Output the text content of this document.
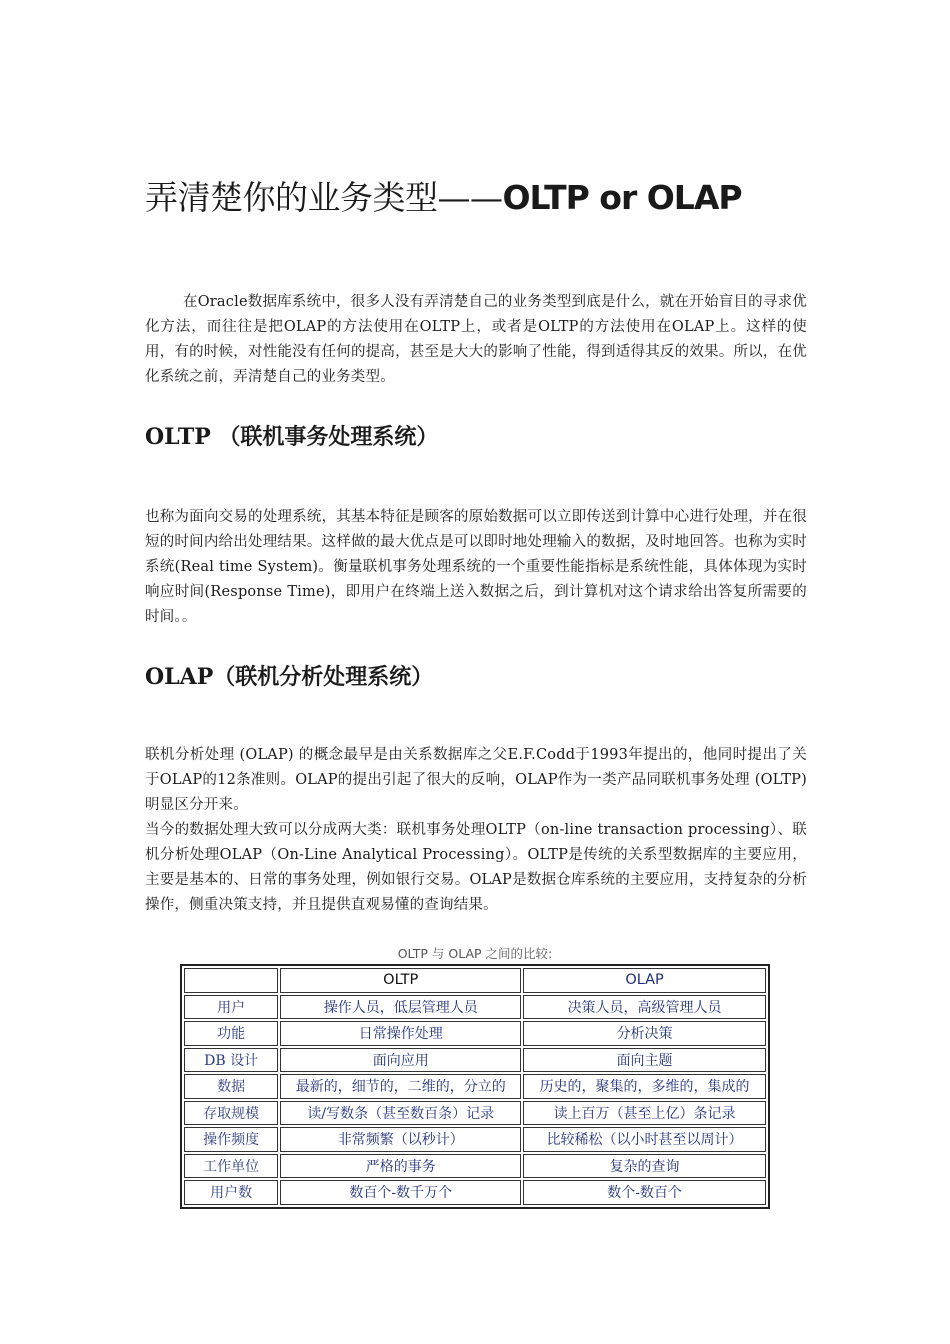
弄清楚你的业务类型——OLTP or OLAP

在Oracle数据库系统中，很多人没有弄清楚自己的业务类型到底是什么，就在开始盲目的寻求优化方法，而往往是把OLAP的方法使用在OLTP上，或者是OLTP的方法使用在OLAP上。这样的使用，有的时候，对性能没有任何的提高，甚至是大大的影响了性能，得到适得其反的效果。所以，在优化系统之前，弄清楚自己的业务类型。

OLTP （联机事务处理系统）

也称为面向交易的处理系统，其基本特征是顾客的原始数据可以立即传送到计算中心进行处理，并在很短的时间内给出处理结果。这样做的最大优点是可以即时地处理输入的数据，及时地回答。也称为实时系统(Real time System)。衡量联机事务处理系统的一个重要性能指标是系统性能，具体体现为实时响应时间(Response Time)，即用户在终端上送入数据之后，到计算机对这个请求给出答复所需要的时间。。

OLAP（联机分析处理系统）

联机分析处理 (OLAP) 的概念最早是由关系数据库之父E.F.Codd于1993年提出的，他同时提出了关于OLAP的12条准则。OLAP的提出引起了很大的反响，OLAP作为一类产品同联机事务处理 (OLTP) 明显区分开来。

当今的数据处理大致可以分成两大类：联机事务处理OLTP（on-line transaction processing）、联机分析处理OLAP（On-Line Analytical Processing）。OLTP是传统的关系型数据库的主要应用，主要是基本的、日常的事务处理，例如银行交易。OLAP是数据仓库系统的主要应用，支持复杂的分析操作，侧重决策支持，并且提供直观易懂的查询结果。

OLTP 与 OLAP 之间的比较:
	OLTP	OLAP
用户	操作人员，低层管理人员	决策人员，高级管理人员
功能	日常操作处理	分析决策
DB 设计	面向应用	面向主题
数据	最新的，细节的，二维的，分立的	历史的，聚集的，多维的，集成的
存取规模	读/写数条（甚至数百条）记录	读上百万（甚至上亿）条记录
操作频度	非常频繁（以秒计）	比较稀松（以小时甚至以周计）
工作单位	严格的事务	复杂的查询
用户数	数百个-数千万个	数个-数百个
